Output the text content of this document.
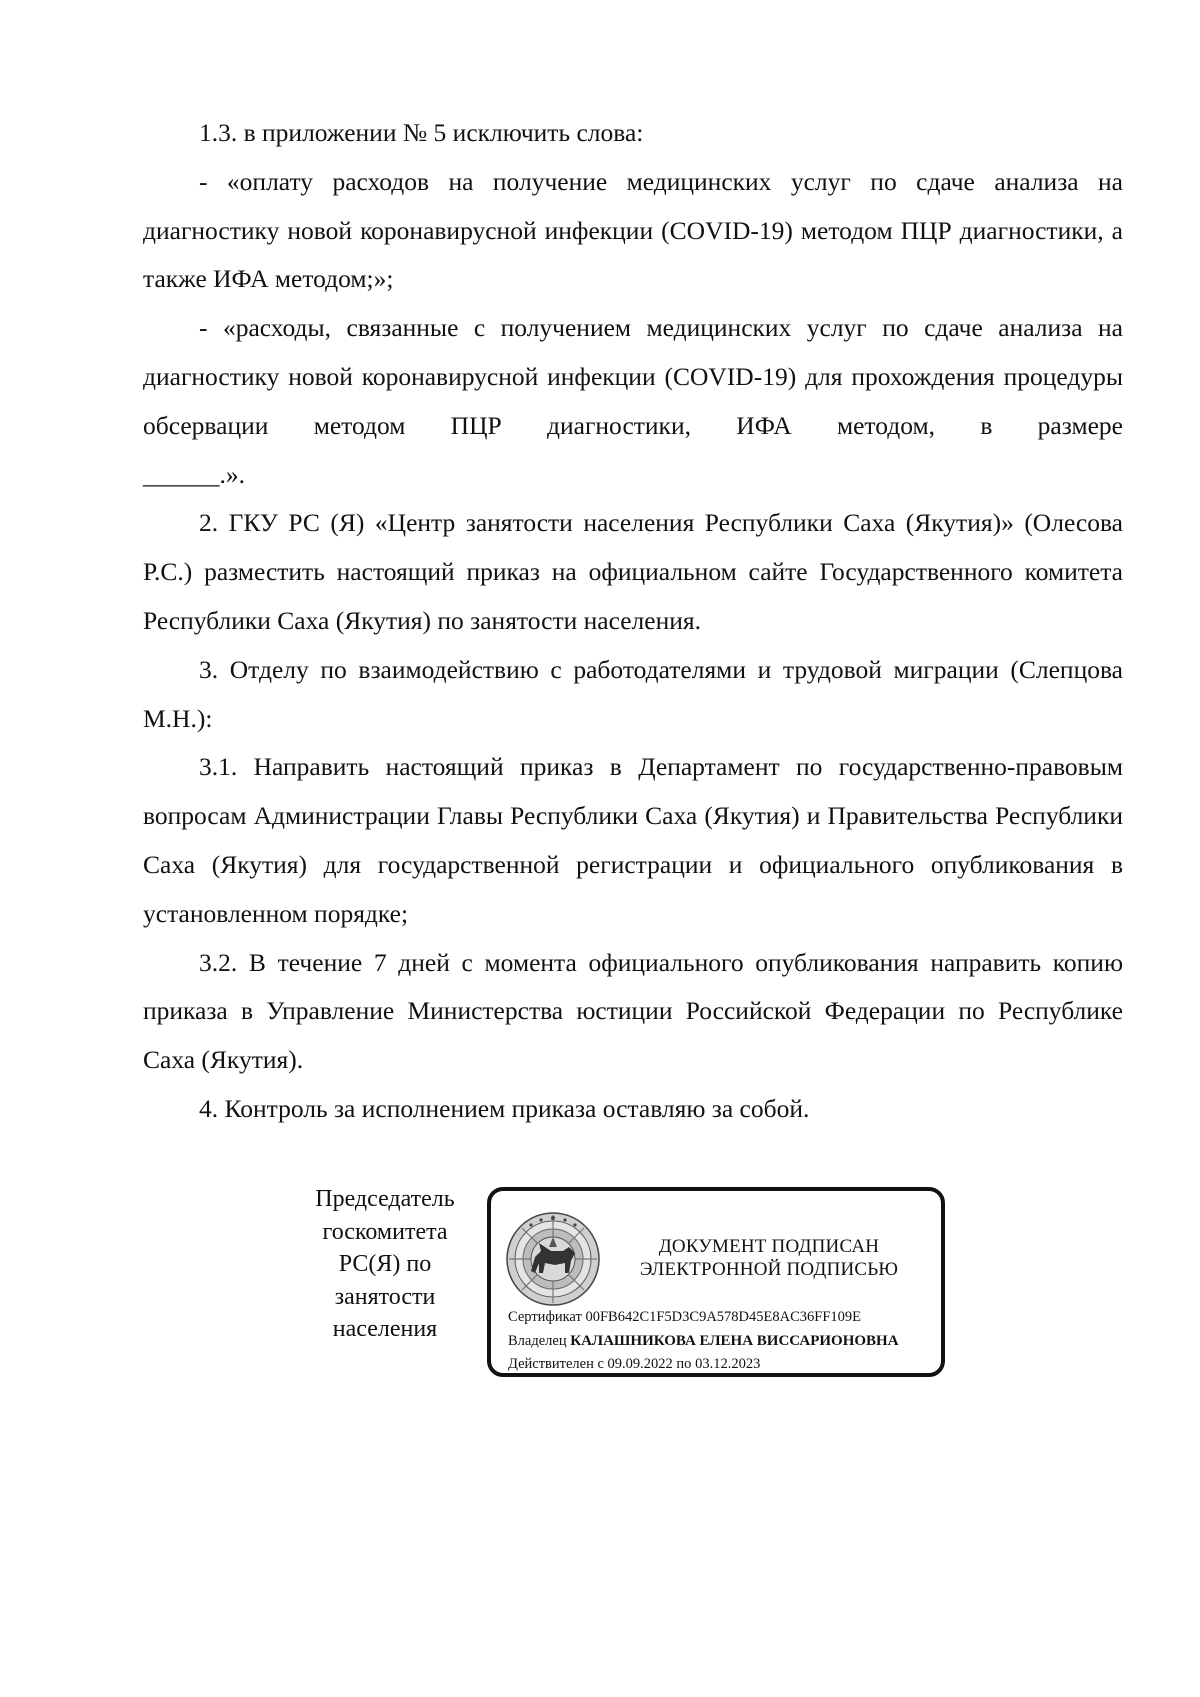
1.3. в приложении № 5 исключить слова:

- «оплату расходов на получение медицинских услуг по сдаче анализа на диагностику новой коронавирусной инфекции (COVID-19) методом ПЦР диагностики, а также ИФА методом;»;

- «расходы, связанные с получением медицинских услуг по сдаче анализа на диагностику новой коронавирусной инфекции (COVID-19) для прохождения процедуры обсервации методом ПЦР диагностики, ИФА методом, в размере

______.».

2. ГКУ РС (Я) «Центр занятости населения Республики Саха (Якутия)» (Олесова Р.С.) разместить настоящий приказ на официальном сайте Государственного комитета Республики Саха (Якутия) по занятости населения.

3. Отделу по взаимодействию с работодателями и трудовой миграции (Слепцова М.Н.):

3.1. Направить настоящий приказ в Департамент по государственно-правовым вопросам Администрации Главы Республики Саха (Якутия) и Правительства Республики Саха (Якутия) для государственной регистрации и официального опубликования в установленном порядке;

3.2. В течение 7 дней с момента официального опубликования направить копию приказа в Управление Министерства юстиции Российской Федерации по Республике Саха (Якутия).

4. Контроль за исполнением приказа оставляю за собой.

Председатель
госкомитета
РС(Я) по
занятости
населения
ДОКУМЕНТ ПОДПИСАН
ЭЛЕКТРОННОЙ ПОДПИСЬЮ
Сертификат 00FB642C1F5D3C9A578D45E8AC36FF109E
Владелец КАЛАШНИКОВА ЕЛЕНА ВИССАРИОНОВНА
Действителен с 09.09.2022 по 03.12.2023
